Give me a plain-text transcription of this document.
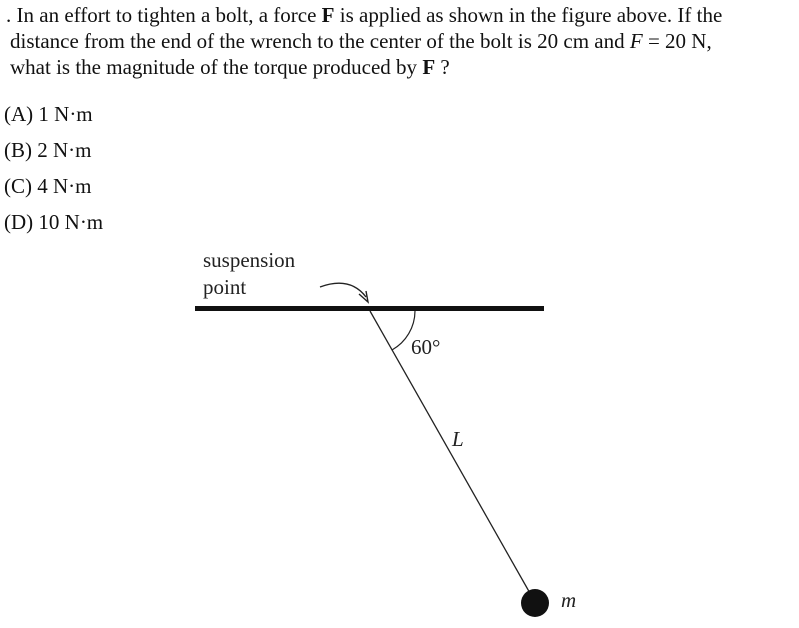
. In an effort to tighten a bolt, a force F is applied as shown in the figure above. If the
distance from the end of the wrench to the center of the bolt is 20 cm and F = 20 N,
what is the magnitude of the torque produced by F ?
(A) 1 N·m
(B) 2 N·m
(C) 4 N·m
(D) 10 N·m
suspension
point
60°
L
m
